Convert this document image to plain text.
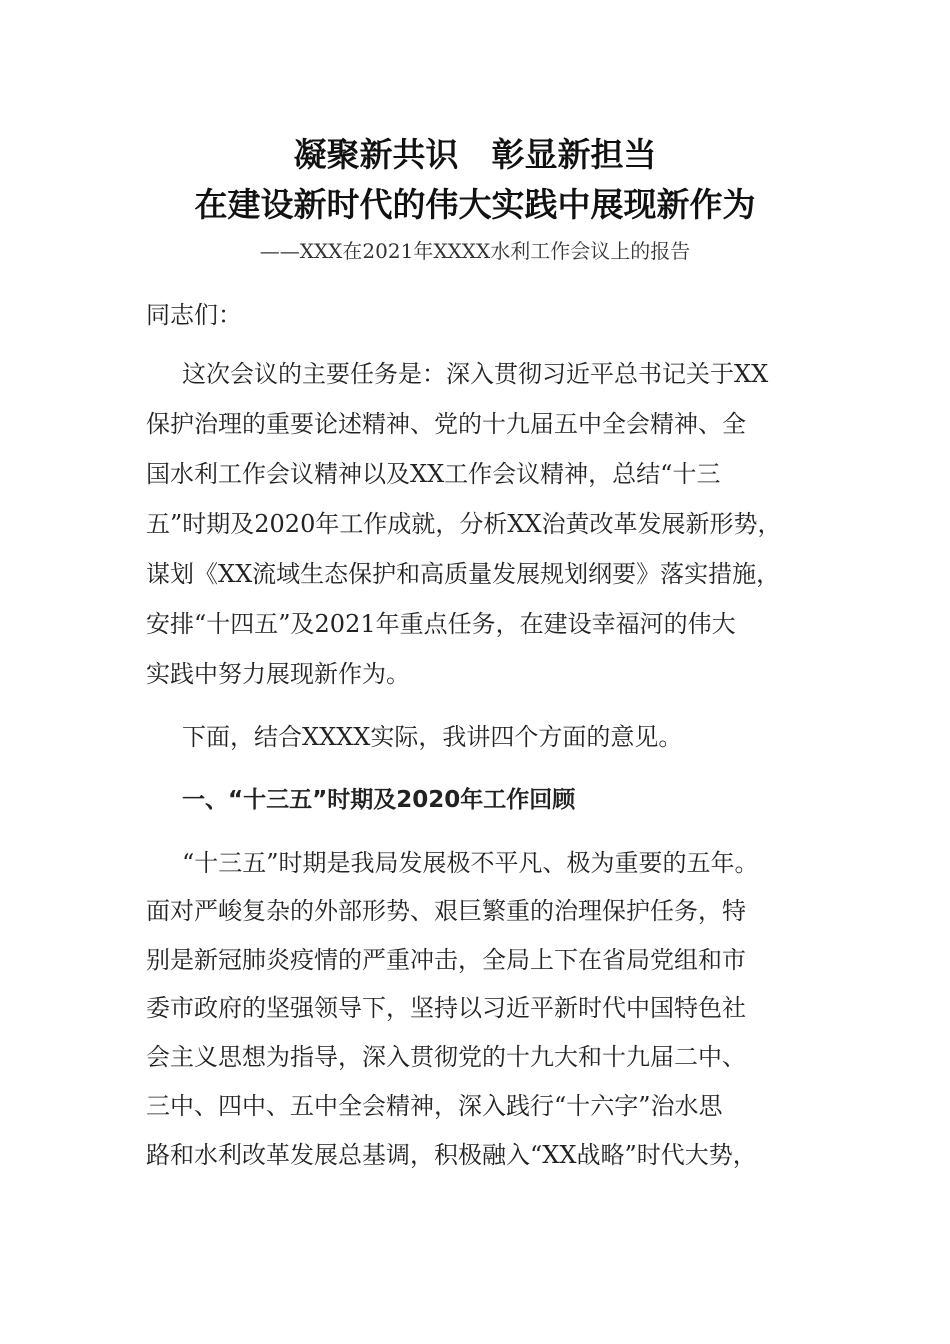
凝聚新共识　彰显新担当
在建设新时代的伟大实践中展现新作为
——XXX在2021年XXXX水利工作会议上的报告
同志们：
这次会议的主要任务是：深入贯彻习近平总书记关于XX
保护治理的重要论述精神、党的十九届五中全会精神、全
国水利工作会议精神以及XX工作会议精神，总结“十三
五”时期及2020年工作成就，分析XX治黄改革发展新形势，
谋划《XX流域生态保护和高质量发展规划纲要》落实措施，
安排“十四五”及2021年重点任务，在建设幸福河的伟大
实践中努力展现新作为。
下面，结合XXXX实际，我讲四个方面的意见。
一、“十三五”时期及2020年工作回顾
“十三五”时期是我局发展极不平凡、极为重要的五年。
面对严峻复杂的外部形势、艰巨繁重的治理保护任务，特
别是新冠肺炎疫情的严重冲击，全局上下在省局党组和市
委市政府的坚强领导下，坚持以习近平新时代中国特色社
会主义思想为指导，深入贯彻党的十九大和十九届二中、
三中、四中、五中全会精神，深入践行“十六字”治水思
路和水利改革发展总基调，积极融入“XX战略”时代大势，
